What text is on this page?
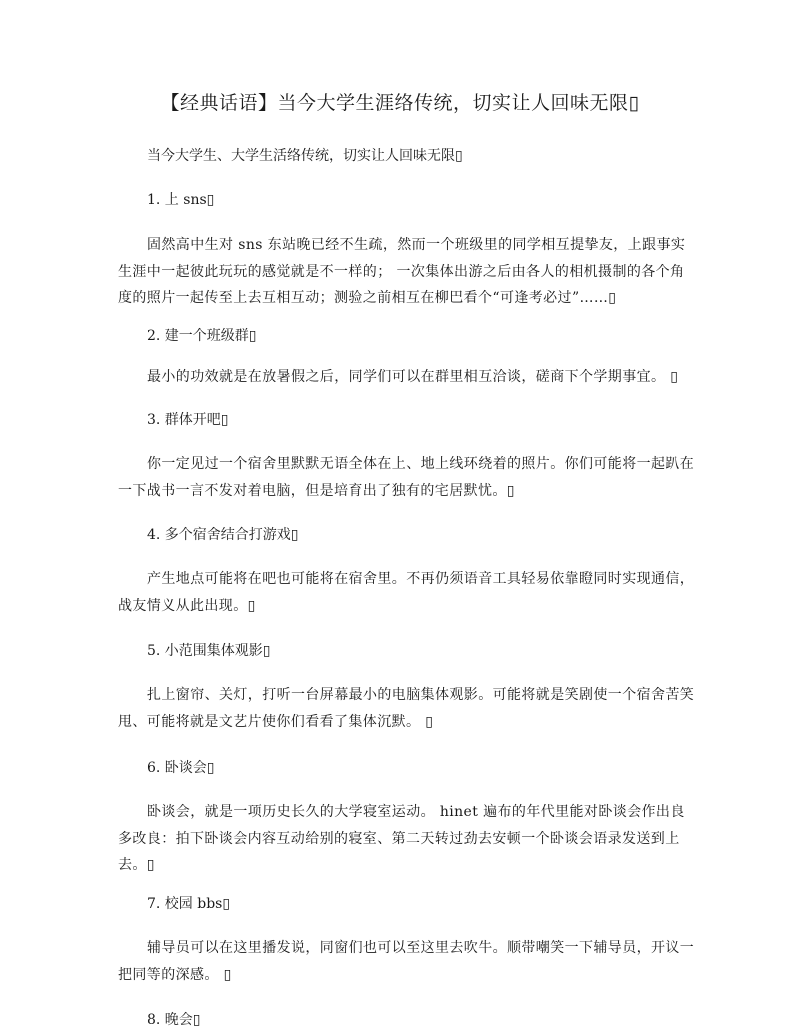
【经典话语】当今大学生涯络传统，切实让人回味无限▯
当今大学生、大学生活络传统，切实让人回味无限▯
1. 上 sns▯
固然高中生对 sns 东站晚已经不生疏，然而一个班级里的同学相互提挚友，上跟事实生涯中一起彼此玩玩的感觉就是不一样的； 一次集体出游之后由各人的相机摄制的各个角度的照片一起传至上去互相互动；测验之前相互在柳巴看个“可逢考必过”……▯
2. 建一个班级群▯
最小的功效就是在放暑假之后，同学们可以在群里相互洽谈，磋商下个学期事宜。 ▯
3. 群体开吧▯
你一定见过一个宿舍里默默无语全体在上、地上线环绕着的照片。你们可能将一起趴在一下战书一言不发对着电脑，但是培育出了独有的宅居默忧。▯
4. 多个宿舍结合打游戏▯
产生地点可能将在吧也可能将在宿舍里。不再仍须语音工具轻易依靠瞪同时实现通信，战友情义从此出现。▯
5. 小范围集体观影▯
扎上窗帘、关灯，打听一台屏幕最小的电脑集体观影。可能将就是笑剧使一个宿舍苦笑甩、可能将就是文艺片使你们看看了集体沉默。 ▯
6. 卧谈会▯
卧谈会，就是一项历史长久的大学寝室运动。 hinet 遍布的年代里能对卧谈会作出良多改良：拍下卧谈会内容互动给别的寝室、第二天转过劲去安顿一个卧谈会语录发送到上去。▯
7. 校园 bbs▯
辅导员可以在这里播发说，同窗们也可以至这里去吹牛。顺带嘲笑一下辅导员，开议一把同等的深感。 ▯
8. 晚会▯
